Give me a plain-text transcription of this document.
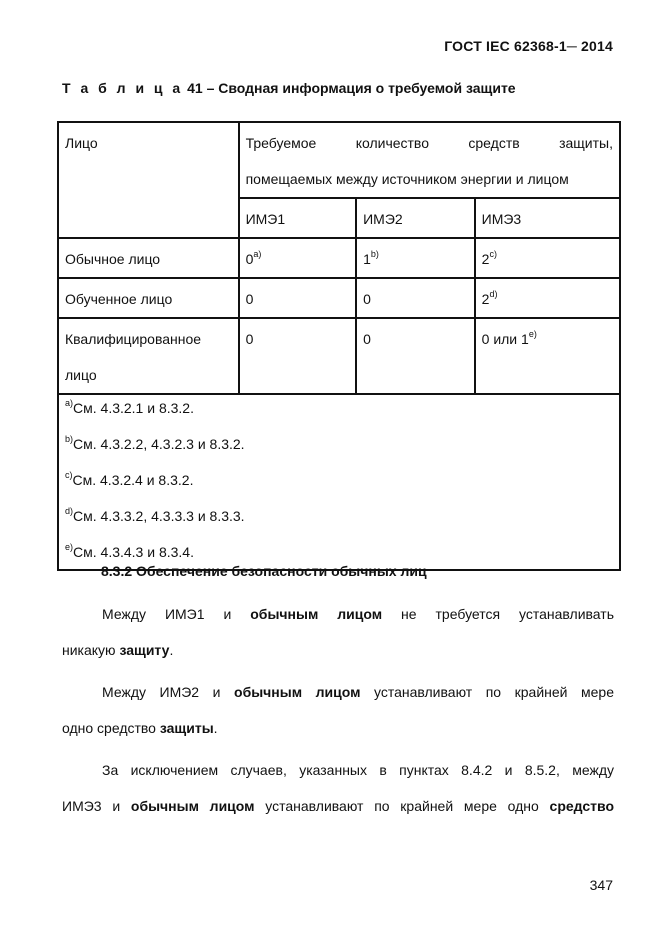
ГОСТ IEC 62368-1─ 2014
Т а б л и ц а 41 – Сводная информация о требуемой защите
Лицо	Требуемое количество средств защиты,
помещаемых между источником энергии и лицом		

	ИМЭ1	ИМЭ2	ИМЭ3
Обычное лицо	0$^{a)}$	1$^{b)}$	2$^{c)}$
Обученное лицо	0	0	2$^{d)}$

Квалифицированное
лицо	0	0	0 или 1$^{e)}$

$^{a)}$См. 4.3.2.1 и 8.3.2.
$^{b)}$См. 4.3.2.2, 4.3.2.3 и 8.3.2.
$^{c)}$См. 4.3.2.4 и 8.3.2.
$^{d)}$См. 4.3.3.2, 4.3.3.3 и 8.3.3.
$^{e)}$См. 4.3.4.3 и 8.3.4.			
8.3.2 Обеспечение безопасности обычных лиц
Между ИМЭ1 и обычным лицом не требуется устанавливать
никакую защиту.
Между ИМЭ2 и обычным лицом устанавливают по крайней мере
одно средство защиты.
За исключением случаев, указанных в пунктах 8.4.2 и 8.5.2, между
ИМЭ3 и обычным лицом устанавливают по крайней мере одно средство
347
